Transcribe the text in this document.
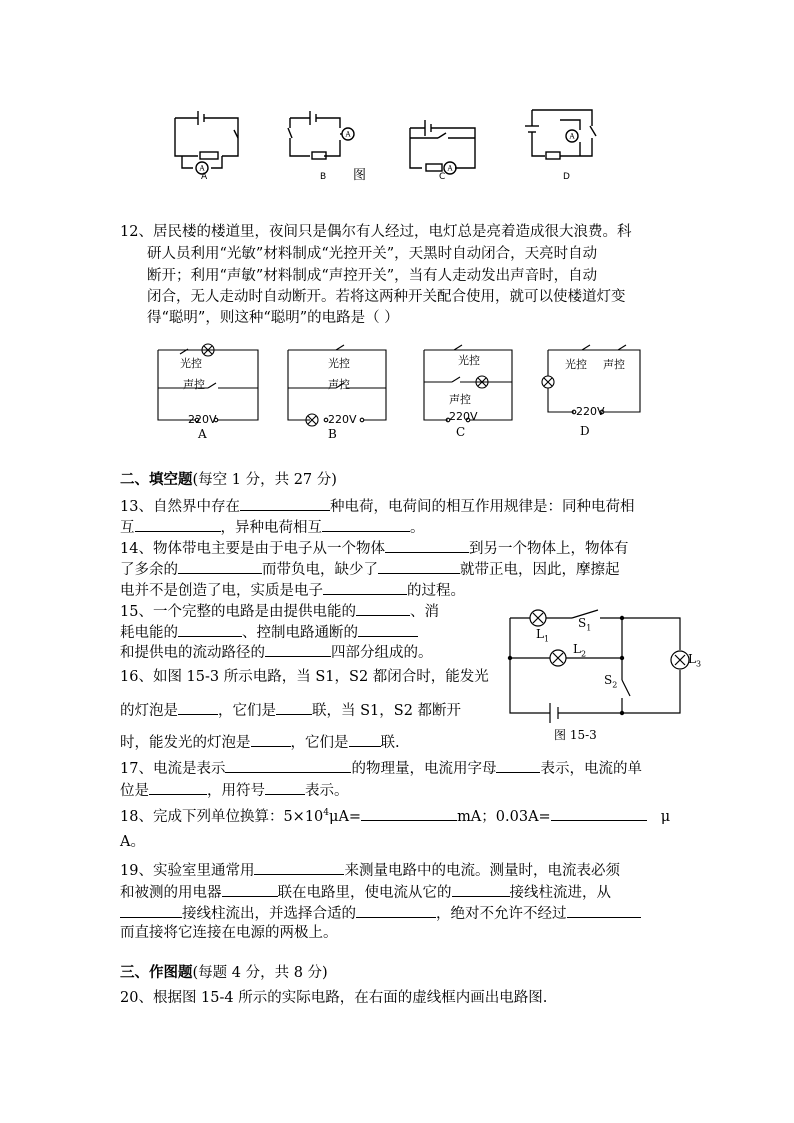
A
A
A
A
A	B 图	C	D
12、居民楼的楼道里，夜间只是偶尔有人经过，电灯总是亮着造成很大浪费。科
研人员利用“光敏”材料制成“光控开关”，天黑时自动闭合，天亮时自动
断开；利用“声敏”材料制成“声控开关”，当有人走动发出声音时，自动
闭合，无人走动时自动断开。若将这两种开关配合使用，就可以使楼道灯变
得“聪明”，则这种“聪明”的电路是（ ）
光控
声控
220V
光控
声控
220V
光控
声控
220V
光控 声控
220V
A	B	C	D
二、填空题(每空 1 分，共 27 分)
13、自然界中存在	种电荷，电荷间的相互作用规律是：同种电荷相
互	，异种电荷相互	。
14、物体带电主要是由于电子从一个物体	到另一个物体上，物体有
了多余的	而带负电，缺少了	就带正电，因此，摩擦起
电并不是创造了电，实质是电子	的过程。
15、一个完整的电路是由提供电能的	、消
耗电能的	、控制电路通断的
和提供电的流动路径的	四部分组成的。
16、如图 15-3 所示电路，当 S1，S2 都闭合时，能发光
的灯泡是	，它们是 联，当 S1，S2 都断开
时，能发光的灯泡是	，它们是 联.
$L_1$
$S_1$
$L_2$	$L_3$
$S_2$
图 15-3
17、电流是表示	的物理量，电流用字母	表示，电流的单
位是	，用符号	表示。
18、完成下列单位换算：$5\times 10^4\mu A=$	mA；0.03A=	μ
A。
19、实验室里通常用	来测量电路中的电流。测量时，电流表必须
和被测的用电器	联在电路里，使电流从它的	接线柱流进，从
接线柱流出，并选择合适的	，绝对不允许不经过
而直接将它连接在电源的两极上。
三、作图题(每题 4 分，共 8 分)
20、根据图 15-4 所示的实际电路，在右面的虚线框内画出电路图.
